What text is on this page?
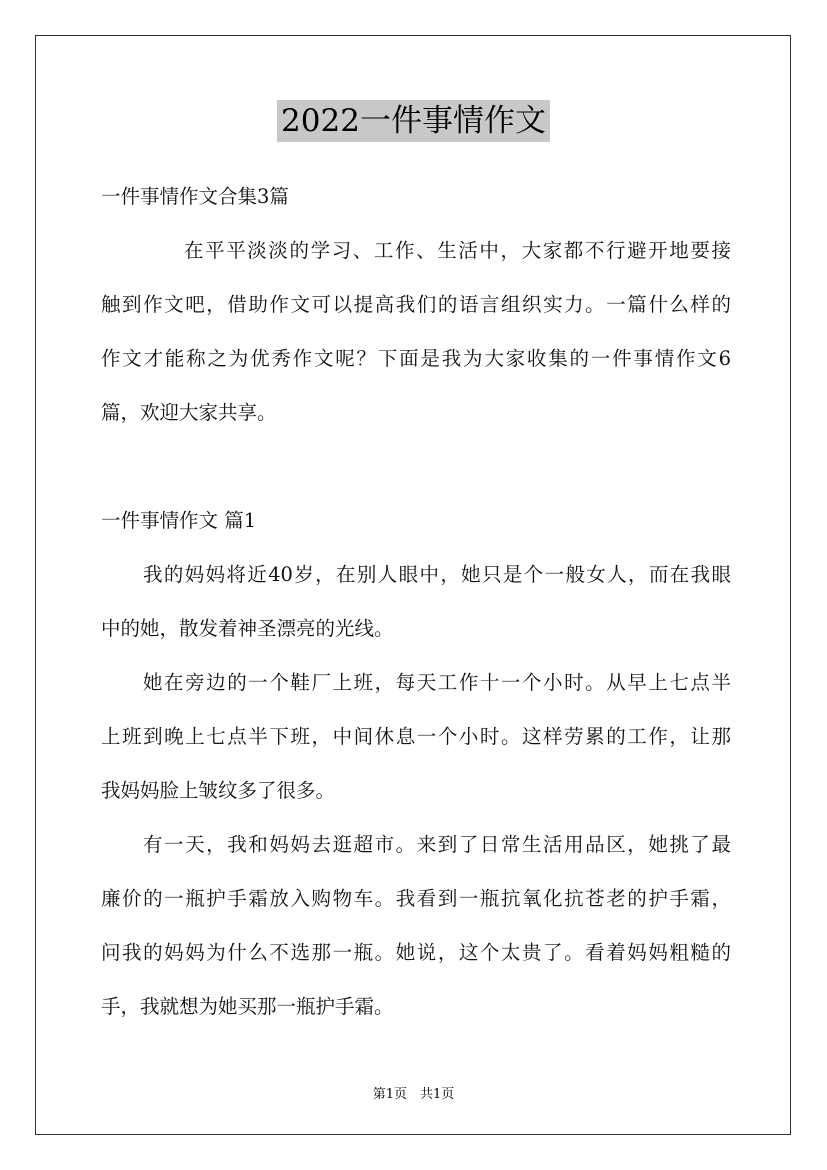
2022一件事情作文
一件事情作文合集3篇
在平平淡淡的学习、工作、生活中，大家都不行避开地要接
触到作文吧，借助作文可以提高我们的语言组织实力。一篇什么样的
作文才能称之为优秀作文呢？下面是我为大家收集的一件事情作文6
篇，欢迎大家共享。
一件事情作文 篇1
我的妈妈将近40岁，在别人眼中，她只是个一般女人，而在我眼
中的她，散发着神圣漂亮的光线。
她在旁边的一个鞋厂上班，每天工作十一个小时。从早上七点半
上班到晚上七点半下班，中间休息一个小时。这样劳累的工作，让那
我妈妈脸上皱纹多了很多。
有一天，我和妈妈去逛超市。来到了日常生活用品区，她挑了最
廉价的一瓶护手霜放入购物车。我看到一瓶抗氧化抗苍老的护手霜，
问我的妈妈为什么不选那一瓶。她说，这个太贵了。看着妈妈粗糙的
手，我就想为她买那一瓶护手霜。
第1页　共1页
